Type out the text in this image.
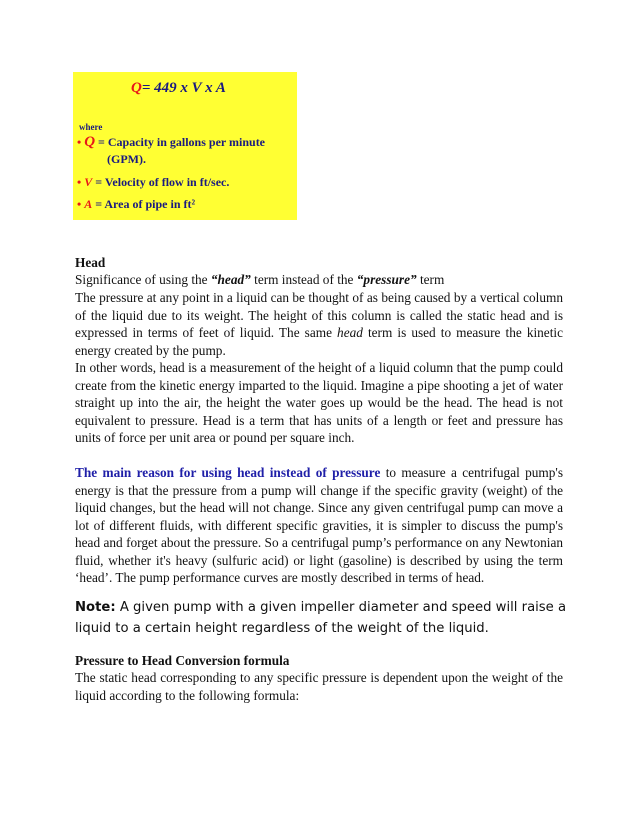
Q= 449 x V x A
where
• Q = Capacity in gallons per minute
(GPM).
• V = Velocity of flow in ft/sec.
• A = Area of pipe in ft²
Head
Significance of using the “head” term instead of the “pressure” term

The pressure at any point in a liquid can be thought of as being caused by a vertical column of the liquid due to its weight. The height of this column is called the static head and is expressed in terms of feet of liquid. The same head term is used to measure the kinetic energy created by the pump.

In other words, head is a measurement of the height of a liquid column that the pump could create from the kinetic energy imparted to the liquid. Imagine a pipe shooting a jet of water straight up into the air, the height the water goes up would be the head. The head is not equivalent to pressure. Head is a term that has units of a length or feet and pressure has units of force per unit area or pound per square inch.

The main reason for using head instead of pressure to measure a centrifugal pump's energy is that the pressure from a pump will change if the specific gravity (weight) of the liquid changes, but the head will not change. Since any given centrifugal pump can move a lot of different fluids, with different specific gravities, it is simpler to discuss the pump's head and forget about the pressure. So a centrifugal pump’s performance on any Newtonian fluid, whether it's heavy (sulfuric acid) or light (gasoline) is described by using the term ‘head’. The pump performance curves are mostly described in terms of head.

Note: A given pump with a given impeller diameter and speed will raise a liquid to a certain height regardless of the weight of the liquid.
Pressure to Head Conversion formula

The static head corresponding to any specific pressure is dependent upon the weight of the liquid according to the following formula:
